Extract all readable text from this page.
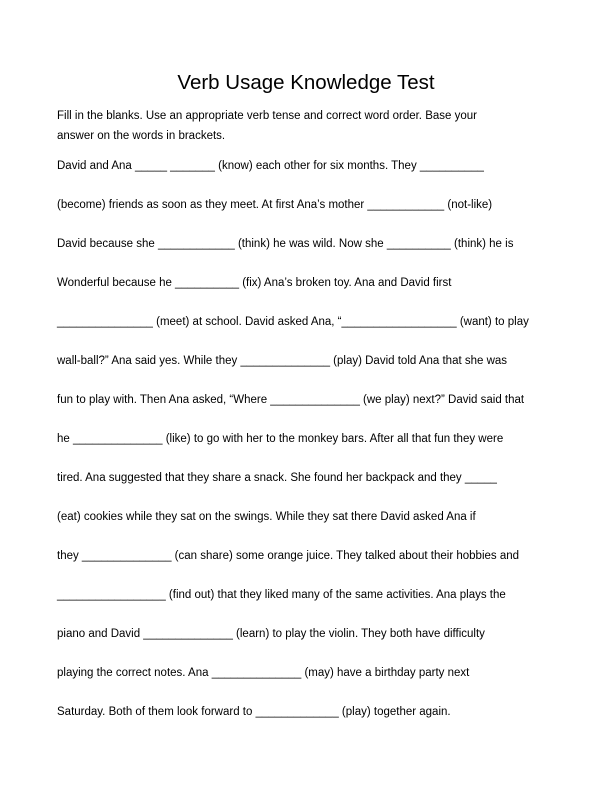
Verb Usage Knowledge Test
Fill in the blanks. Use an appropriate verb tense and correct word order. Base your
answer on the words in brackets.
David and Ana _____ _______ (know) each other for six months. They __________
(become) friends as soon as they meet. At first Ana’s mother ____________ (not-like)
David because she ____________ (think) he was wild. Now she __________ (think) he is
Wonderful because he __________ (fix) Ana’s broken toy. Ana and David first
_______________ (meet) at school. David asked Ana, “__________________ (want) to play
wall-ball?” Ana said yes. While they ______________ (play) David told Ana that she was
fun to play with. Then Ana asked, “Where ______________ (we play) next?” David said that
he ______________ (like) to go with her to the monkey bars. After all that fun they were
tired. Ana suggested that they share a snack. She found her backpack and they _____
(eat) cookies while they sat on the swings. While they sat there David asked Ana if
they ______________ (can share) some orange juice. They talked about their hobbies and
_________________ (find out) that they liked many of the same activities. Ana plays the
piano and David ______________ (learn) to play the violin. They both have difficulty
playing the correct notes. Ana ______________ (may) have a birthday party next
Saturday. Both of them look forward to _____________ (play) together again.
